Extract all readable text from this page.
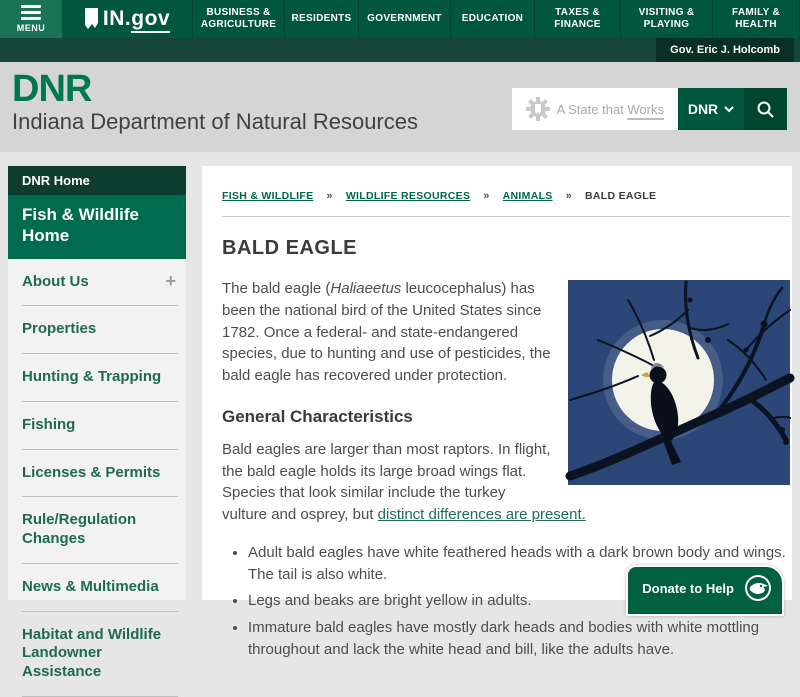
MENU	IN.gov	BUSINESS & AGRICULTURE
RESIDENTS	GOVERNMENT	EDUCATION
TAXES & FINANCE
VISITING & PLAYING
FAMILY & HEALTH
Gov. Eric J. Holcomb
DNR
Indiana Department of Natural Resources	A State that Works DNR
DNR Home
Fish & Wildlife Home
About Us	+
Properties
Hunting & Trapping
Fishing
Licenses & Permits
Rule/Regulation Changes
News & Multimedia
Habitat and Wildlife Landowner Assistance
FISH & WILDLIFE » WILDLIFE RESOURCES » ANIMALS » BALD EAGLE
BALD EAGLE

The bald eagle (Haliaeetus leucocephalus) has been the national bird of the United States since 1782. Once a federal- and state-endangered species, due to hunting and use of pesticides, the bald eagle has recovered under protection.

General Characteristics

Bald eagles are larger than most raptors. In flight, the bald eagle holds its large broad wings flat. Species that look similar include the turkey vulture and osprey, but distinct differences are present.

• Adult bald eagles have white feathered heads with a dark brown body and wings. The tail is also white.
• Legs and beaks are bright yellow in adults.
• Immature bald eagles have mostly dark heads and bodies with white mottling throughout and lack the white head and bill, like the adults have.
Donate to Help
